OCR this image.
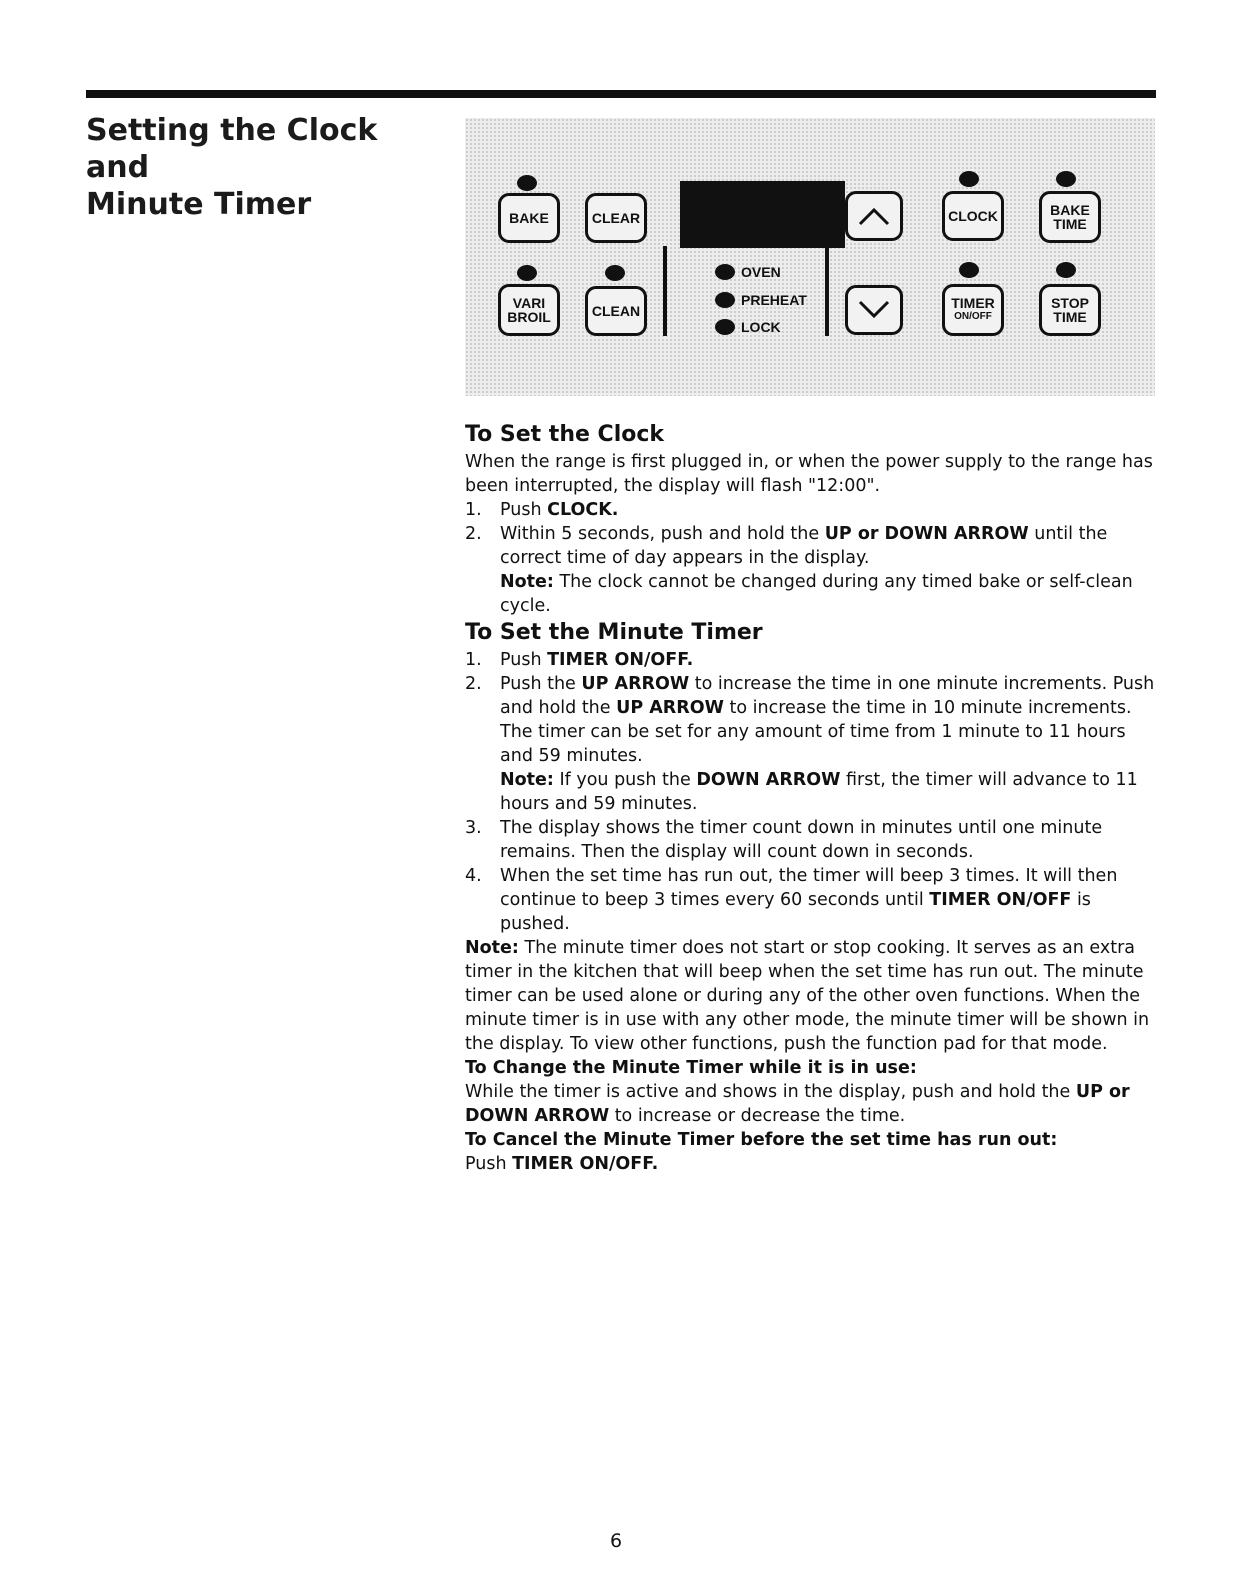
Setting the Clock and
Minute Timer	BAKE	CLEAR	CLOCK	BAKE
TIME
VARI
BROIL	CLEAN
OVEN
PREHEAT
LOCK
TIMER
ON/OFF
STOP
TIME
To Set the Clock

When the range is first plugged in, or when the power supply to the range has been interrupted, the display will flash "12:00".

1. Push CLOCK.
2. Within 5 seconds, push and hold the UP or DOWN ARROW until the correct time of day appears in the display.

Note: The clock cannot be changed during any timed bake or self-clean cycle.

To Set the Minute Timer
1. Push TIMER ON/OFF.
2. Push the UP ARROW to increase the time in one minute increments. Push and hold the UP ARROW to increase the time in 10 minute increments. The timer can be set for any amount of time from 1 minute to 11 hours and 59 minutes.
Note: If you push the DOWN ARROW first, the timer will advance to 11 hours and 59 minutes.
3. The display shows the timer count down in minutes until one minute remains. Then the display will count down in seconds.
4. When the set time has run out, the timer will beep 3 times. It will then continue to beep 3 times every 60 seconds until TIMER ON/OFF is pushed.

Note: The minute timer does not start or stop cooking. It serves as an extra timer in the kitchen that will beep when the set time has run out. The minute timer can be used alone or during any of the other oven functions. When the minute timer is in use with any other mode, the minute timer will be shown in the display. To view other functions, push the function pad for that mode.

To Change the Minute Timer while it is in use:

While the timer is active and shows in the display, push and hold the UP or DOWN ARROW to increase or decrease the time.

To Cancel the Minute Timer before the set time has run out:

Push TIMER ON/OFF.

6
